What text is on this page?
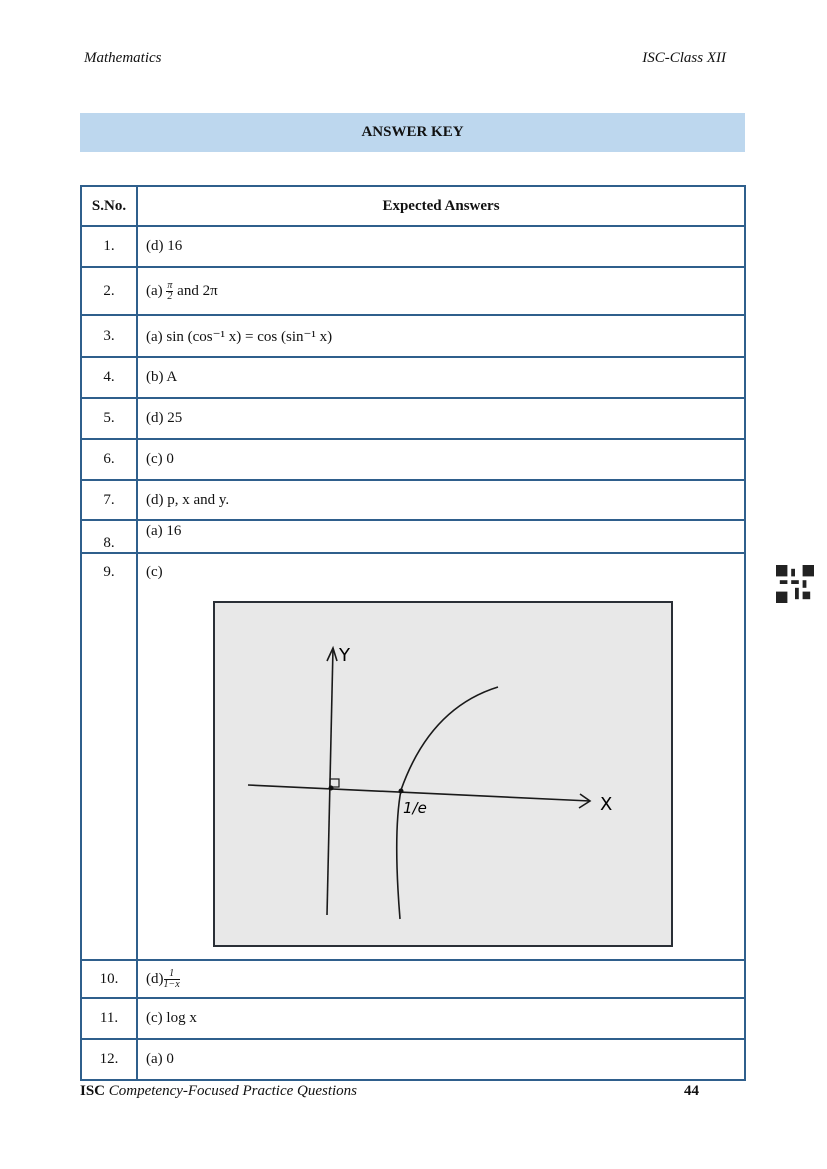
Mathematics	ISC-Class XII
ANSWER KEY
S.No.	Expected Answers
1.	(d) 16
2.	$(a) \frac{\pi}{2}$ and 2π
3.	(a) sin (cos⁻¹ x) = cos (sin⁻¹ x)
4.	(b) A
5.	(d) 25
6.	(c) 0
7.	(d) p, x and y.
8.	(a) 16
9.	(c)
Y
X
1/e

10.	$(d) \frac{1}{1-x}$

11.	(c) log x
12.	(a) 0
ISC Competency-Focused Practice Questions	44
